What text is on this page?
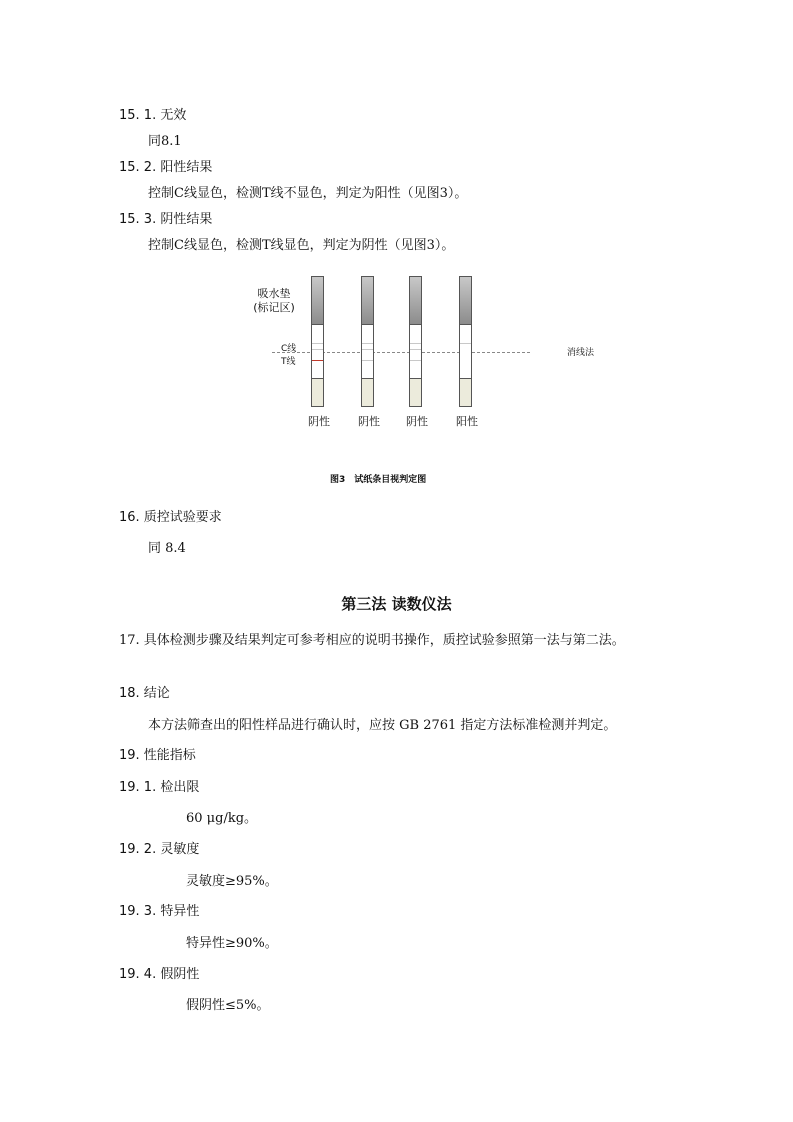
15. 1. 无效
同8.1
15. 2. 阳性结果
控制C线显色，检测T线不显色，判定为阳性（见图3）。
15. 3. 阴性结果
控制C线显色，检测T线显色，判定为阴性（见图3）。
吸水垫
(标记区)
C线
T线
消线法
阴性	阴性	阴性	阳性
图3　试纸条目视判定图
16. 质控试验要求
同 8.4
第三法 读数仪法
17. 具体检测步骤及结果判定可参考相应的说明书操作，质控试验参照第一法与第二法。
18. 结论
本方法筛查出的阳性样品进行确认时，应按 GB 2761 指定方法标准检测并判定。
19. 性能指标
19. 1. 检出限
60 μg/kg。
19. 2. 灵敏度
灵敏度≥95%。
19. 3. 特异性
特异性≥90%。
19. 4. 假阴性
假阴性≤5%。
